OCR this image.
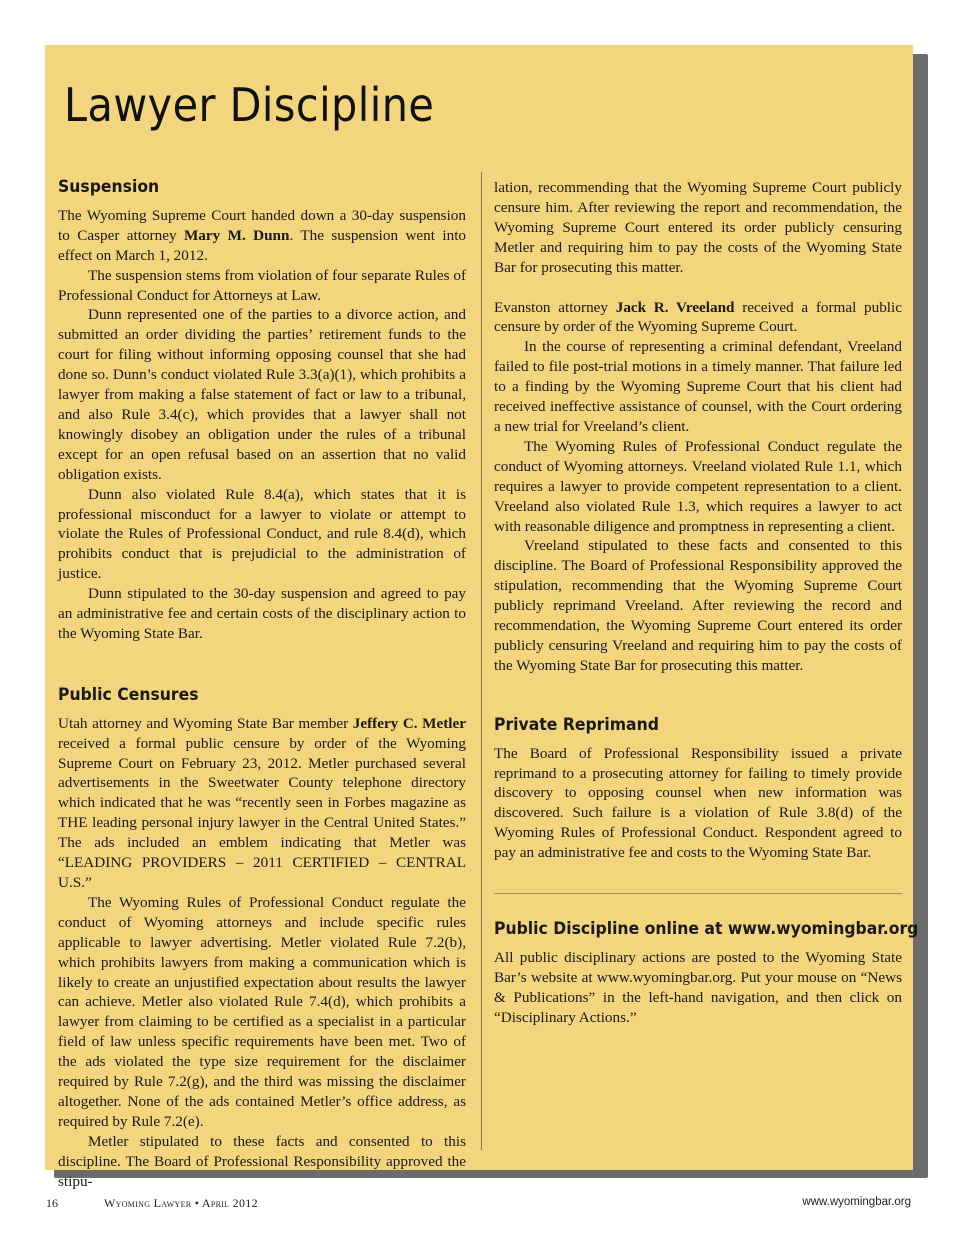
Lawyer Discipline
Suspension

The Wyoming Supreme Court handed down a 30-day suspension to Casper attorney Mary M. Dunn. The suspension went into effect on March 1, 2012.

The suspension stems from violation of four separate Rules of Professional Conduct for Attorneys at Law.

Dunn represented one of the parties to a divorce action, and submitted an order dividing the parties’ retirement funds to the court for filing without informing opposing counsel that she had done so. Dunn’s conduct violated Rule 3.3(a)(1), which prohibits a lawyer from making a false statement of fact or law to a tribunal, and also Rule 3.4(c), which provides that a lawyer shall not knowingly disobey an obligation under the rules of a tribunal except for an open refusal based on an assertion that no valid obligation exists.

Dunn also violated Rule 8.4(a), which states that it is professional misconduct for a lawyer to violate or attempt to violate the Rules of Professional Conduct, and rule 8.4(d), which prohibits conduct that is prejudicial to the administration of justice.

Dunn stipulated to the 30-day suspension and agreed to pay an administrative fee and certain costs of the disciplinary action to the Wyoming State Bar.

Public Censures

Utah attorney and Wyoming State Bar member Jeffery C. Metler received a formal public censure by order of the Wyoming Supreme Court on February 23, 2012. Metler purchased several advertisements in the Sweetwater County telephone directory which indicated that he was “recently seen in Forbes magazine as THE leading personal injury lawyer in the Central United States.” The ads included an emblem indicating that Metler was “LEADING PROVIDERS – 2011 CERTIFIED – CENTRAL U.S.”

The Wyoming Rules of Professional Conduct regulate the conduct of Wyoming attorneys and include specific rules applicable to lawyer advertising. Metler violated Rule 7.2(b), which prohibits lawyers from making a communication which is likely to create an unjustified expectation about results the lawyer can achieve. Metler also violated Rule 7.4(d), which prohibits a lawyer from claiming to be certified as a specialist in a particular field of law unless specific requirements have been met. Two of the ads violated the type size requirement for the disclaimer required by Rule 7.2(g), and the third was missing the disclaimer altogether. None of the ads contained Metler’s office address, as required by Rule 7.2(e).

Metler stipulated to these facts and consented to this discipline. The Board of Professional Responsibility approved the stipu-

lation, recommending that the Wyoming Supreme Court publicly censure him. After reviewing the report and recommendation, the Wyoming Supreme Court entered its order publicly censuring Metler and requiring him to pay the costs of the Wyoming State Bar for prosecuting this matter.

Evanston attorney Jack R. Vreeland received a formal public censure by order of the Wyoming Supreme Court.

In the course of representing a criminal defendant, Vreeland failed to file post-trial motions in a timely manner. That failure led to a finding by the Wyoming Supreme Court that his client had received ineffective assistance of counsel, with the Court ordering a new trial for Vreeland’s client.

The Wyoming Rules of Professional Conduct regulate the conduct of Wyoming attorneys. Vreeland violated Rule 1.1, which requires a lawyer to provide competent representation to a client. Vreeland also violated Rule 1.3, which requires a lawyer to act with reasonable diligence and promptness in representing a client.

Vreeland stipulated to these facts and consented to this discipline. The Board of Professional Responsibility approved the stipulation, recommending that the Wyoming Supreme Court publicly reprimand Vreeland. After reviewing the record and recommendation, the Wyoming Supreme Court entered its order publicly censuring Vreeland and requiring him to pay the costs of the Wyoming State Bar for prosecuting this matter.

Private Reprimand

The Board of Professional Responsibility issued a private reprimand to a prosecuting attorney for failing to timely provide discovery to opposing counsel when new information was discovered. Such failure is a violation of Rule 3.8(d) of the Wyoming Rules of Professional Conduct. Respondent agreed to pay an administrative fee and costs to the Wyoming State Bar.

Public Discipline online at www.wyomingbar.org

All public disciplinary actions are posted to the Wyoming State Bar’s website at www.wyomingbar.org. Put your mouse on “News & Publications” in the left-hand navigation, and then click on “Disciplinary Actions.”

16	Wyoming Lawyer • April 2012	www.wyomingbar.org
